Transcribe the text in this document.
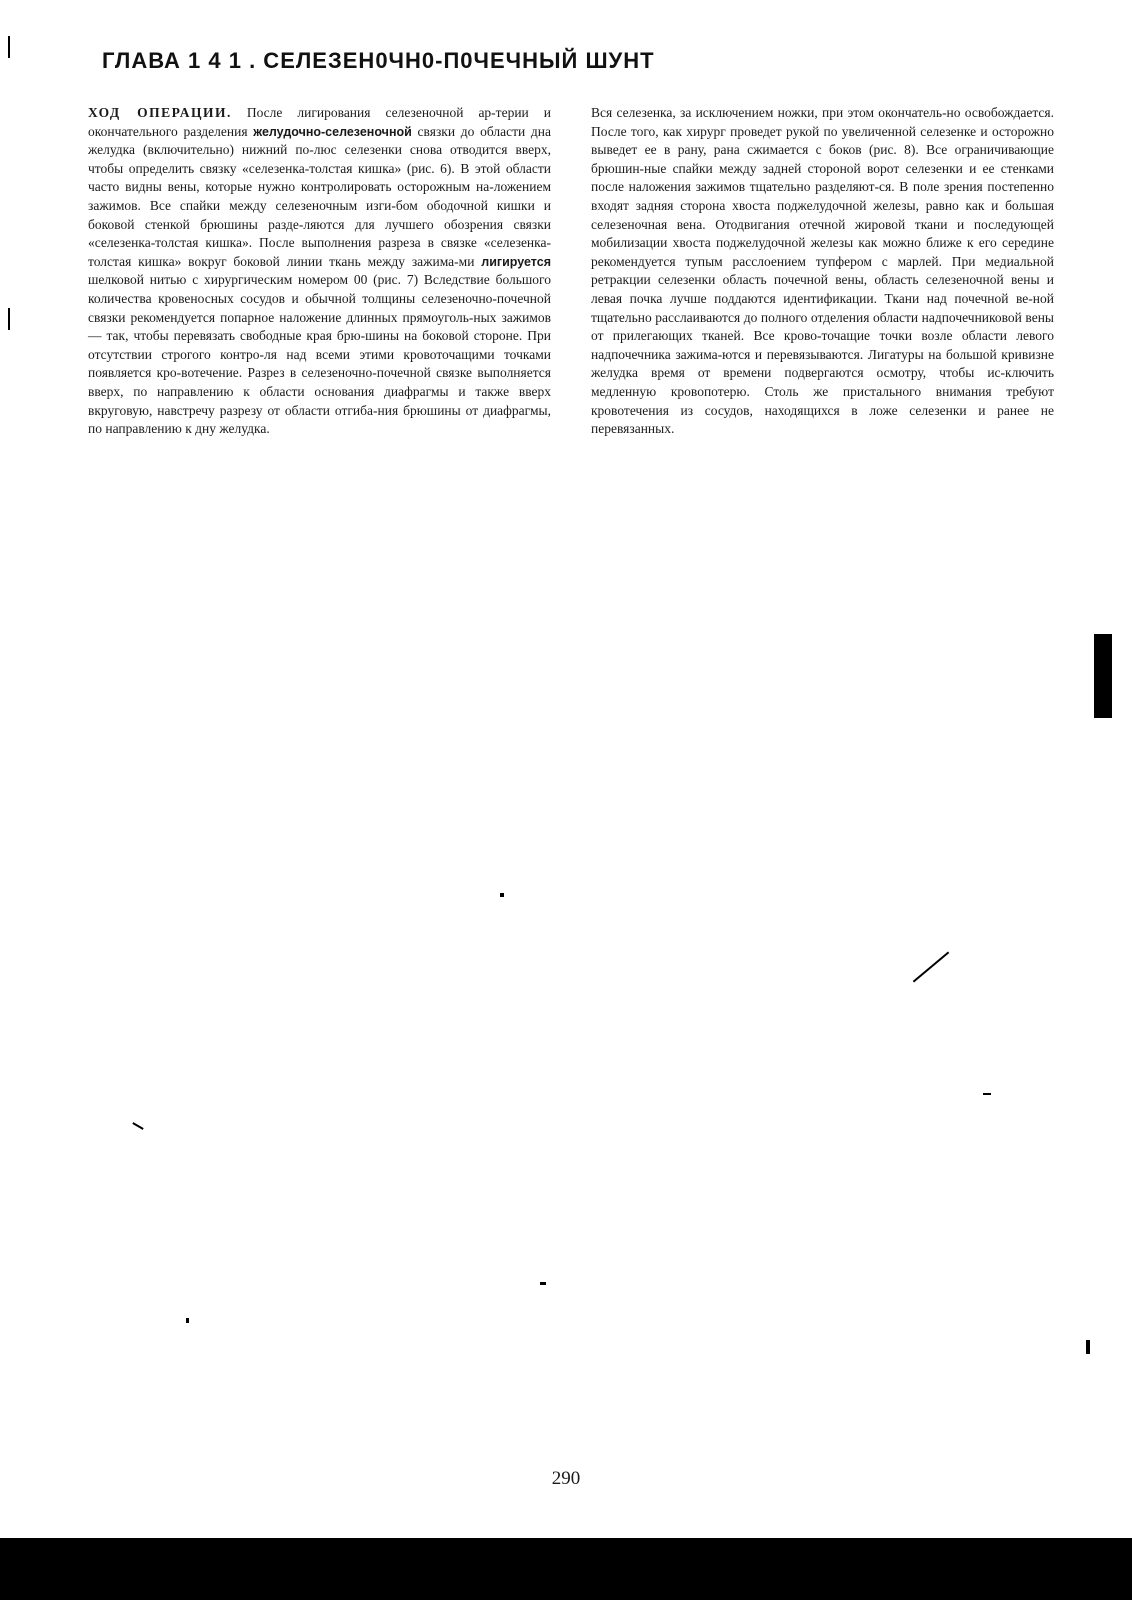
ГЛАВА 1 4 1 . СЕЛЕЗЕН0ЧН0-П0ЧЕЧНЫЙ ШУНТ

ХОД ОПЕРАЦИИ. После лигирования селезеночной ар-терии и окончательного разделения желудочно-селезеночной связки до области дна желудка (включительно) нижний по-люс селезенки снова отводится вверх, чтобы определить связку «селезенка-толстая кишка» (рис. 6). В этой области часто видны вены, которые нужно контролировать осторожным на-ложением зажимов. Все спайки между селезеночным изги-бом ободочной кишки и боковой стенкой брюшины разде-ляются для лучшего обозрения связки «селезенка-толстая кишка». После выполнения разреза в связке «селезенка-толстая кишка» вокруг боковой линии ткань между зажима-ми лигируется шелковой нитью с хирургическим номером 00 (рис. 7) Вследствие большого количества кровеносных сосудов и обычной толщины селезеночно-почечной связки рекомендуется попарное наложение длинных прямоуголь-ных зажимов — так, чтобы перевязать свободные края брю-шины на боковой стороне. При отсутствии строгого контро-ля над всеми этими кровоточащими точками появляется кро-вотечение. Разрез в селезеночно-почечной связке выполняется вверх, по направлению к области основания диафрагмы и также вверх вкруговую, навстречу разрезу от области отгиба-ния брюшины от диафрагмы, по направлению к дну желудка.

Вся селезенка, за исключением ножки, при этом окончатель-но освобождается. После того, как хирург проведет рукой по увеличенной селезенке и осторожно выведет ее в рану, рана сжимается с боков (рис. 8). Все ограничивающие брюшин-ные спайки между задней стороной ворот селезенки и ее стенками после наложения зажимов тщательно разделяют-ся. В поле зрения постепенно входят задняя сторона хвоста поджелудочной железы, равно как и большая селезеночная вена. Отодвигания отечной жировой ткани и последующей мобилизации хвоста поджелудочной железы как можно ближе к его середине рекомендуется тупым расслоением тупфером с марлей. При медиальной ретракции селезенки область почечной вены, область селезеночной вены и левая почка лучше поддаются идентификации. Ткани над почечной ве-ной тщательно расслаиваются до полного отделения области надпочечниковой вены от прилегающих тканей. Все крово-точащие точки возле области левого надпочечника зажима-ются и перевязываются. Лигатуры на большой кривизне желудка время от времени подвергаются осмотру, чтобы ис-ключить медленную кровопотерю. Столь же пристального внимания требуют кровотечения из сосудов, находящихся в ложе селезенки и ранее не перевязанных.

290
